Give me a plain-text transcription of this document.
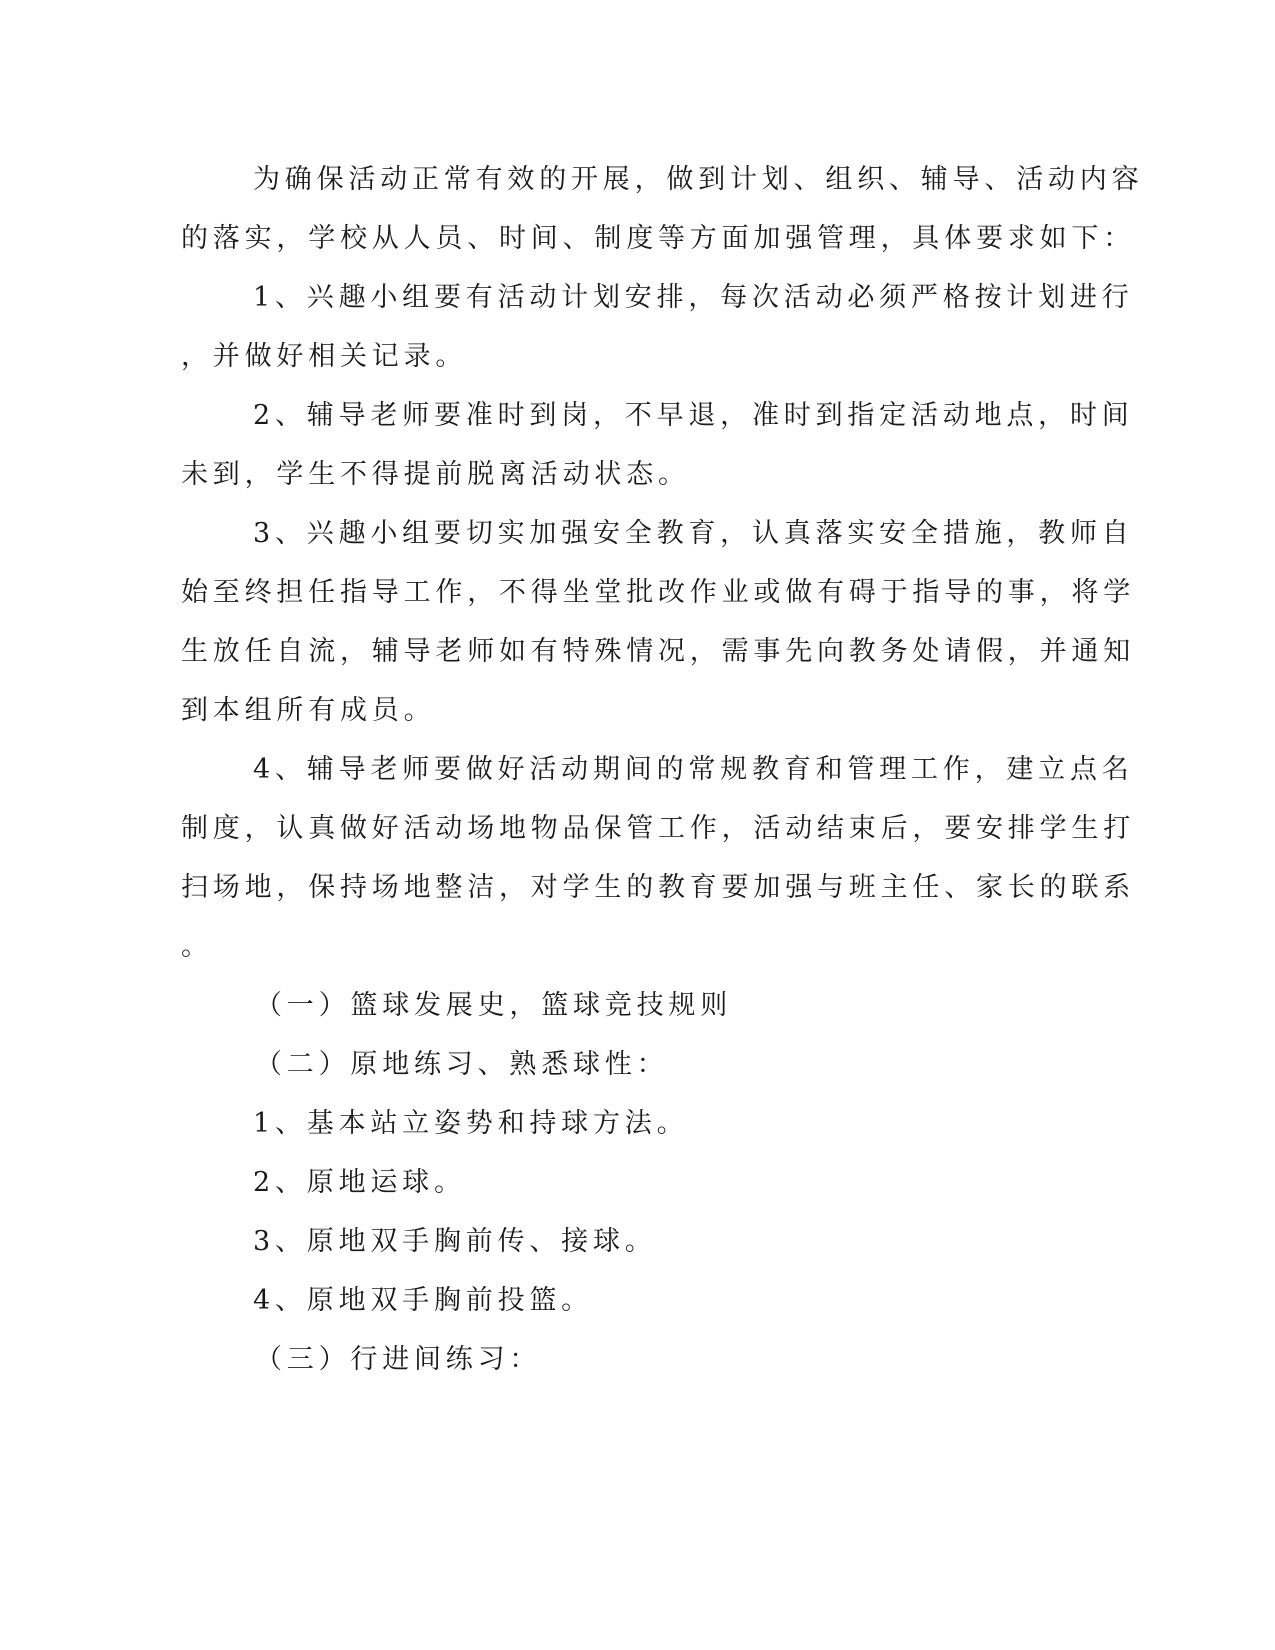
为确保活动正常有效的开展，做到计划、组织、辅导、活动内容
的落实，学校从人员、时间、制度等方面加强管理，具体要求如下：
1、兴趣小组要有活动计划安排，每次活动必须严格按计划进行
，并做好相关记录。
2、辅导老师要准时到岗，不早退，准时到指定活动地点，时间
未到，学生不得提前脱离活动状态。
3、兴趣小组要切实加强安全教育，认真落实安全措施，教师自
始至终担任指导工作，不得坐堂批改作业或做有碍于指导的事，将学
生放任自流，辅导老师如有特殊情况，需事先向教务处请假，并通知
到本组所有成员。
4、辅导老师要做好活动期间的常规教育和管理工作，建立点名
制度，认真做好活动场地物品保管工作，活动结束后，要安排学生打
扫场地，保持场地整洁，对学生的教育要加强与班主任、家长的联系
。
（一）篮球发展史，篮球竞技规则
（二）原地练习、熟悉球性：
1、基本站立姿势和持球方法。
2、原地运球。
3、原地双手胸前传、接球。
4、原地双手胸前投篮。
（三）行进间练习：
